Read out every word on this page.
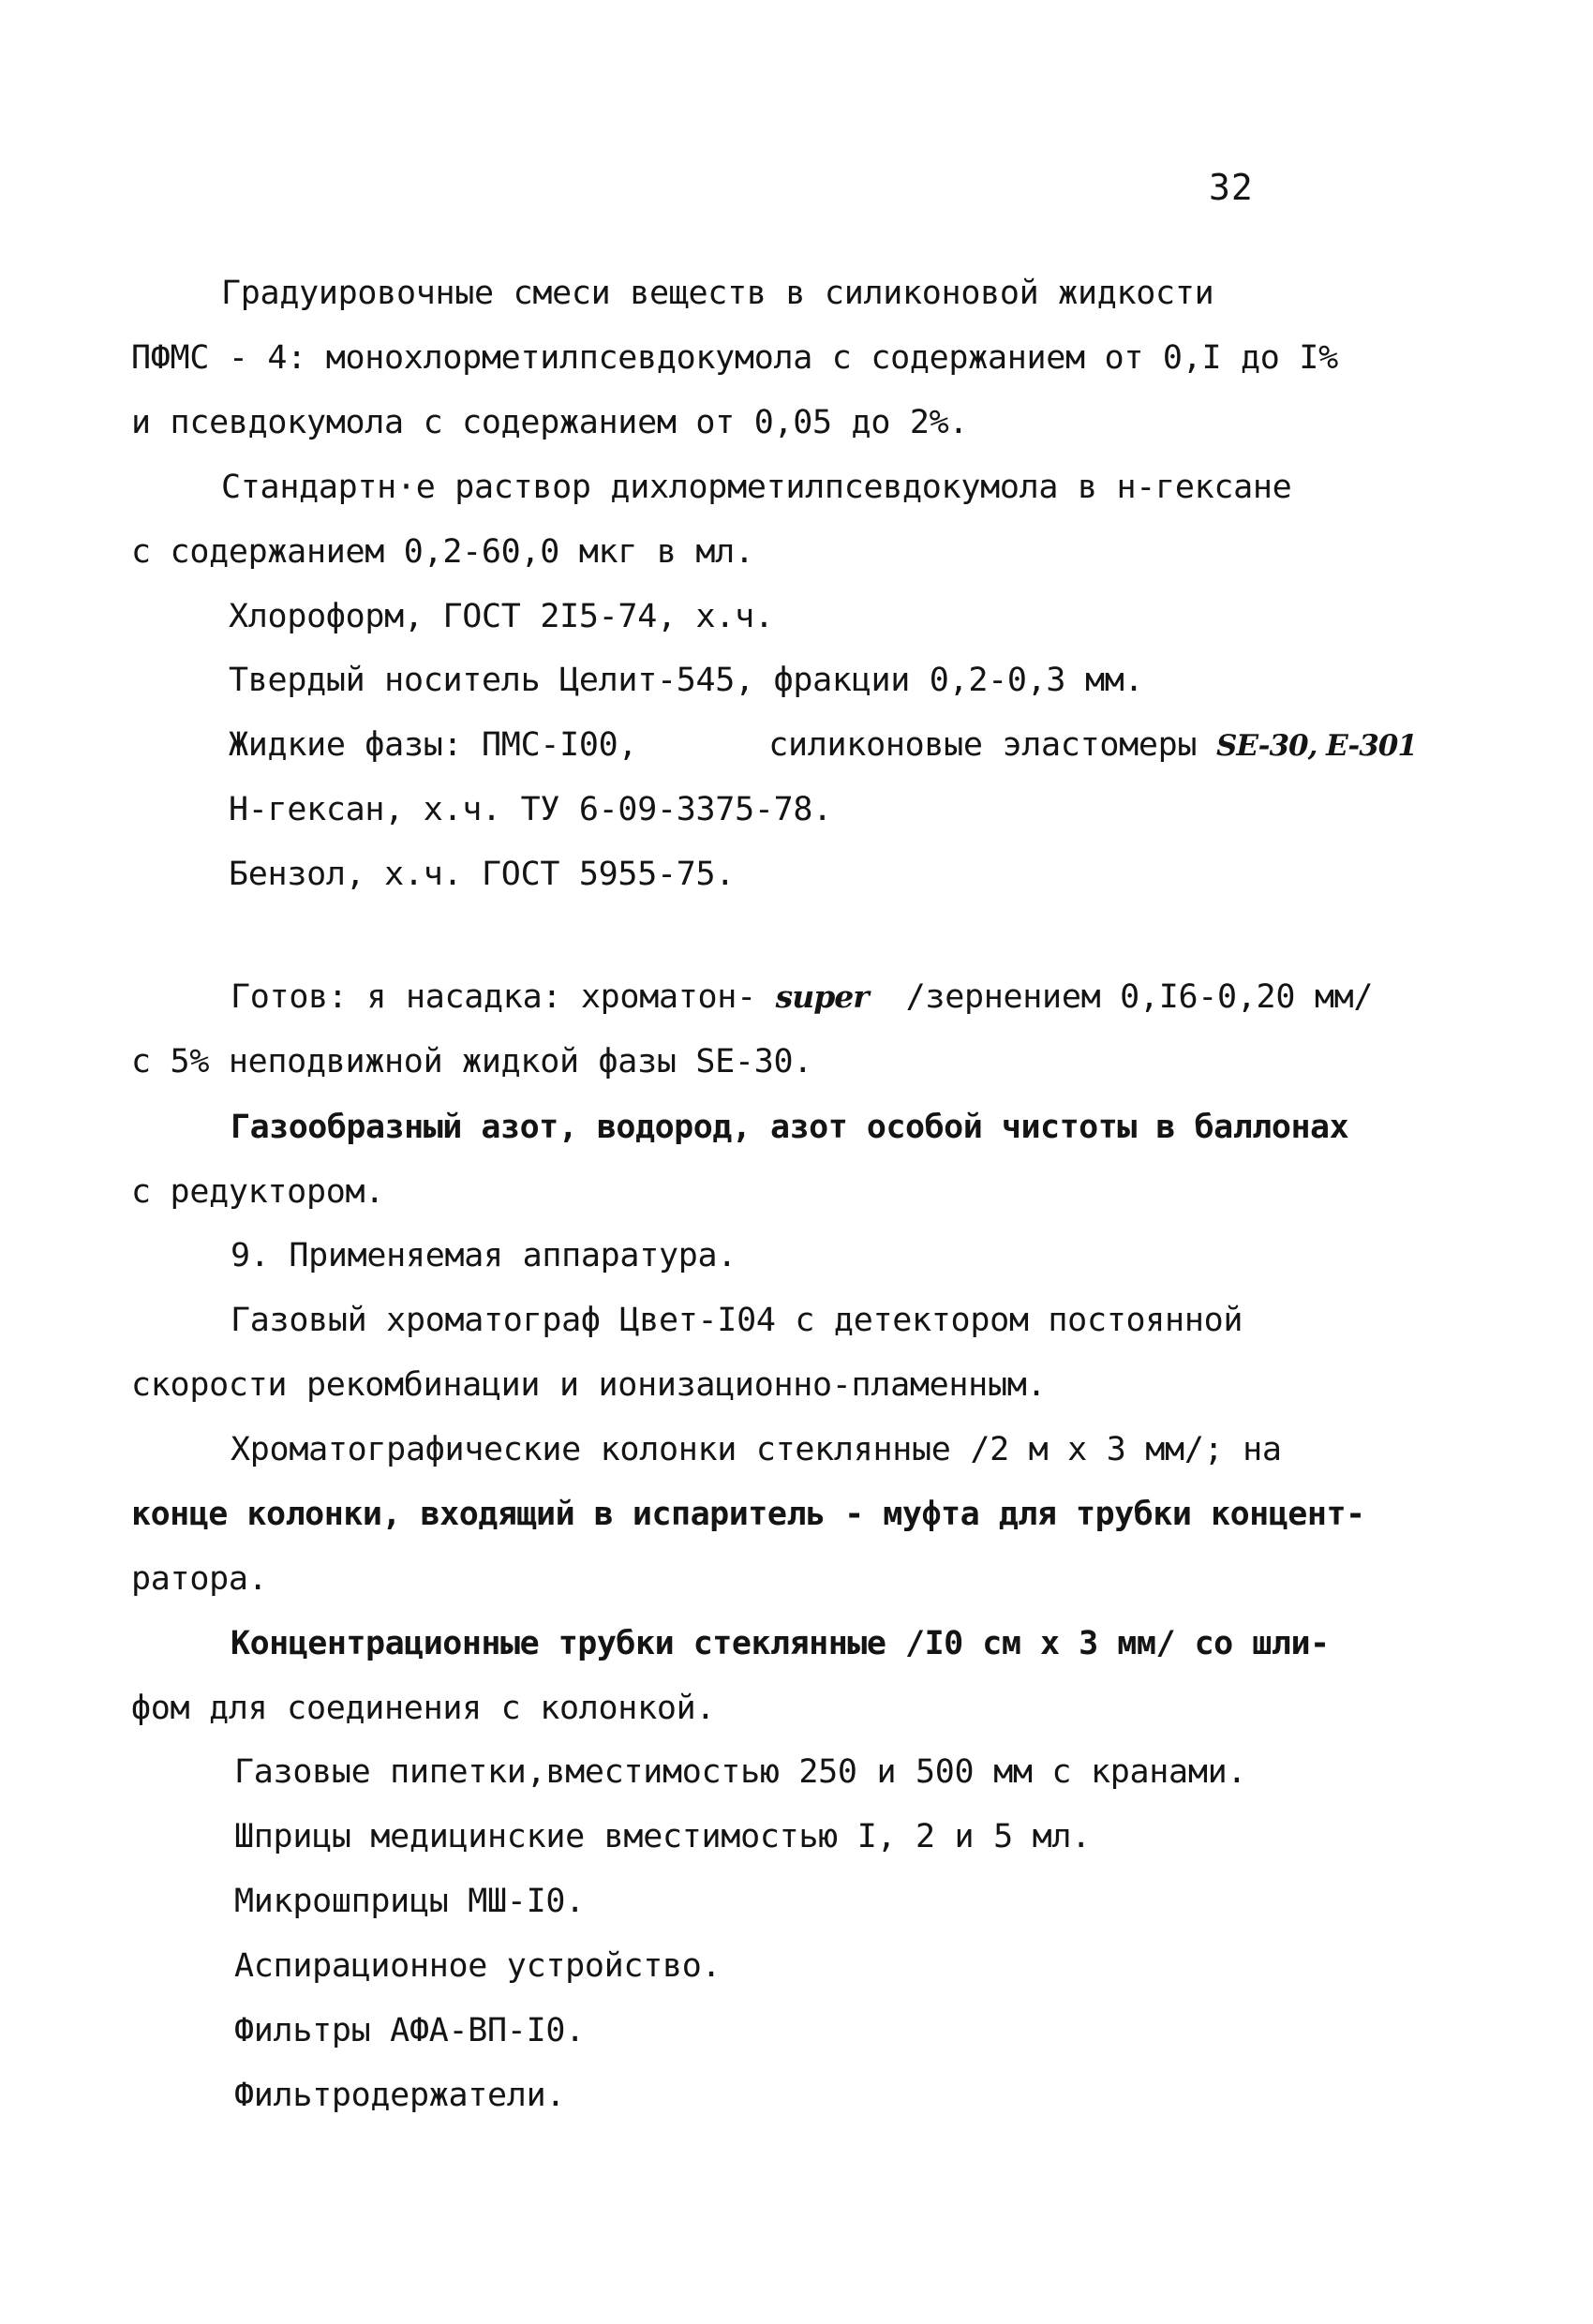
32
Градуировочные смеси веществ в силиконовой жидкости
ПФМС - 4: монохлорметилпсевдокумола с содержанием от 0,I до I%
и псевдокумола с содержанием от 0,05 до 2%.
Стандартн·е раствор дихлорметилпсевдокумола в н-гексане
с содержанием 0,2-60,0 мкг в мл.
Хлороформ, ГОСТ 2I5-74, х.ч.
Твердый носитель Целит-545, фракции 0,2-0,3 мм.
Жидкие фазы: ПМС-I00,	силиконовые эластомеры SE-30, E-301
Н-гексан, х.ч. ТУ 6-09-3375-78.
Бензол, х.ч. ГОСТ 5955-75.
Готов: я насадка: хроматон- super /зернением 0,I6-0,20 мм/
с 5% неподвижной жидкой фазы SE-30.
Газообразный азот, водород, азот особой чистоты в баллонах
с редуктором.
9. Применяемая аппаратура.
Газовый хроматограф Цвет-I04 с детектором постоянной
скорости рекомбинации и ионизационно-пламенным.
Хроматографические колонки стеклянные /2 м х 3 мм/; на
конце колонки, входящий в испаритель - муфта для трубки концент-
ратора.
Концентрационные трубки стеклянные /I0 см х 3 мм/ со шли-
фом для соединения с колонкой.
Газовые пипетки,вместимостью 250 и 500 мм с кранами.
Шприцы медицинские вместимостью I, 2 и 5 мл.
Микрошприцы МШ-I0.
Аспирационное устройство.
Фильтры АФА-ВП-I0.
Фильтродержатели.
